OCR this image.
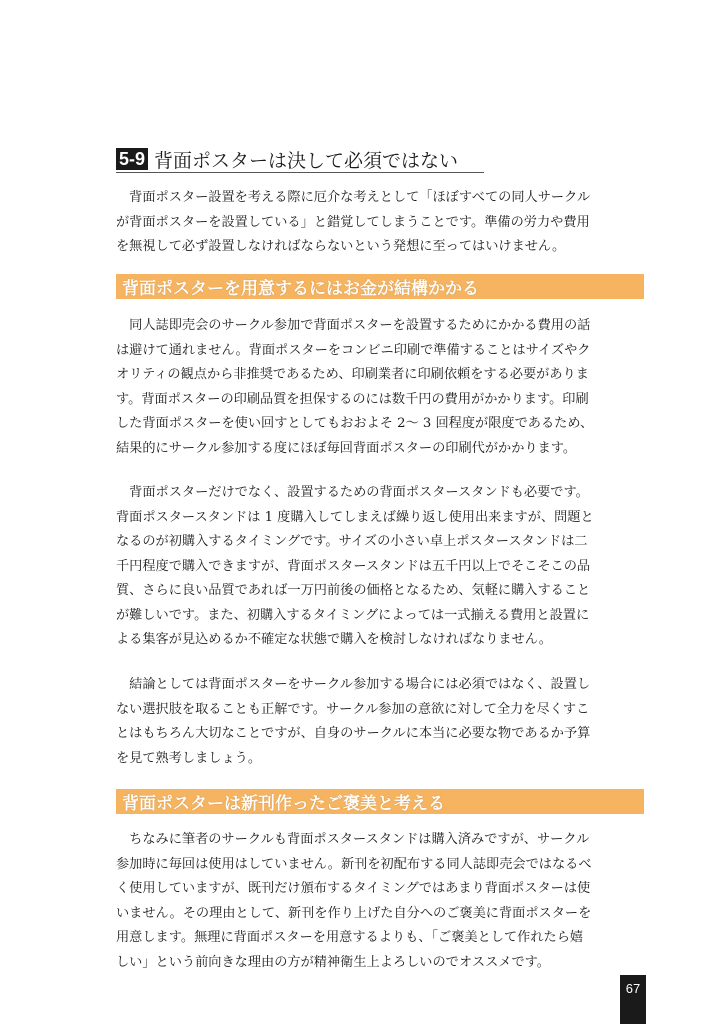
5-9 背面ポスターは決して必須ではない
　背面ポスター設置を考える際に厄介な考えとして「ほぼすべての同人サークル
が背面ポスターを設置している」と錯覚してしまうことです。準備の労力や費用
を無視して必ず設置しなければならないという発想に至ってはいけません。
背面ポスターを用意するにはお金が結構かかる
　同人誌即売会のサークル参加で背面ポスターを設置するためにかかる費用の話
は避けて通れません。背面ポスターをコンビニ印刷で準備することはサイズやク
オリティの観点から非推奨であるため、印刷業者に印刷依頼をする必要がありま
す。背面ポスターの印刷品質を担保するのには数千円の費用がかかります。印刷
した背面ポスターを使い回すとしてもおおよそ 2～ 3 回程度が限度であるため、
結果的にサークル参加する度にほぼ毎回背面ポスターの印刷代がかかります。
　背面ポスターだけでなく、設置するための背面ポスタースタンドも必要です。
背面ポスタースタンドは 1 度購入してしまえば繰り返し使用出来ますが、問題と
なるのが初購入するタイミングです。サイズの小さい卓上ポスタースタンドは二
千円程度で購入できますが、背面ポスタースタンドは五千円以上でそこそこの品
質、さらに良い品質であれば一万円前後の価格となるため、気軽に購入すること
が難しいです。また、初購入するタイミングによっては一式揃える費用と設置に
よる集客が見込めるか不確定な状態で購入を検討しなければなりません。
　結論としては背面ポスターをサークル参加する場合には必須ではなく、設置し
ない選択肢を取ることも正解です。サークル参加の意欲に対して全力を尽くすこ
とはもちろん大切なことですが、自身のサークルに本当に必要な物であるか予算
を見て熟考しましょう。
背面ポスターは新刊作ったご褒美と考える
　ちなみに筆者のサークルも背面ポスタースタンドは購入済みですが、サークル
参加時に毎回は使用はしていません。新刊を初配布する同人誌即売会ではなるべ
く使用していますが、既刊だけ頒布するタイミングではあまり背面ポスターは使
いません。その理由として、新刊を作り上げた自分へのご褒美に背面ポスターを
用意します。無理に背面ポスターを用意するよりも、「ご褒美として作れたら嬉
しい」という前向きな理由の方が精神衛生上よろしいのでオススメです。
67
